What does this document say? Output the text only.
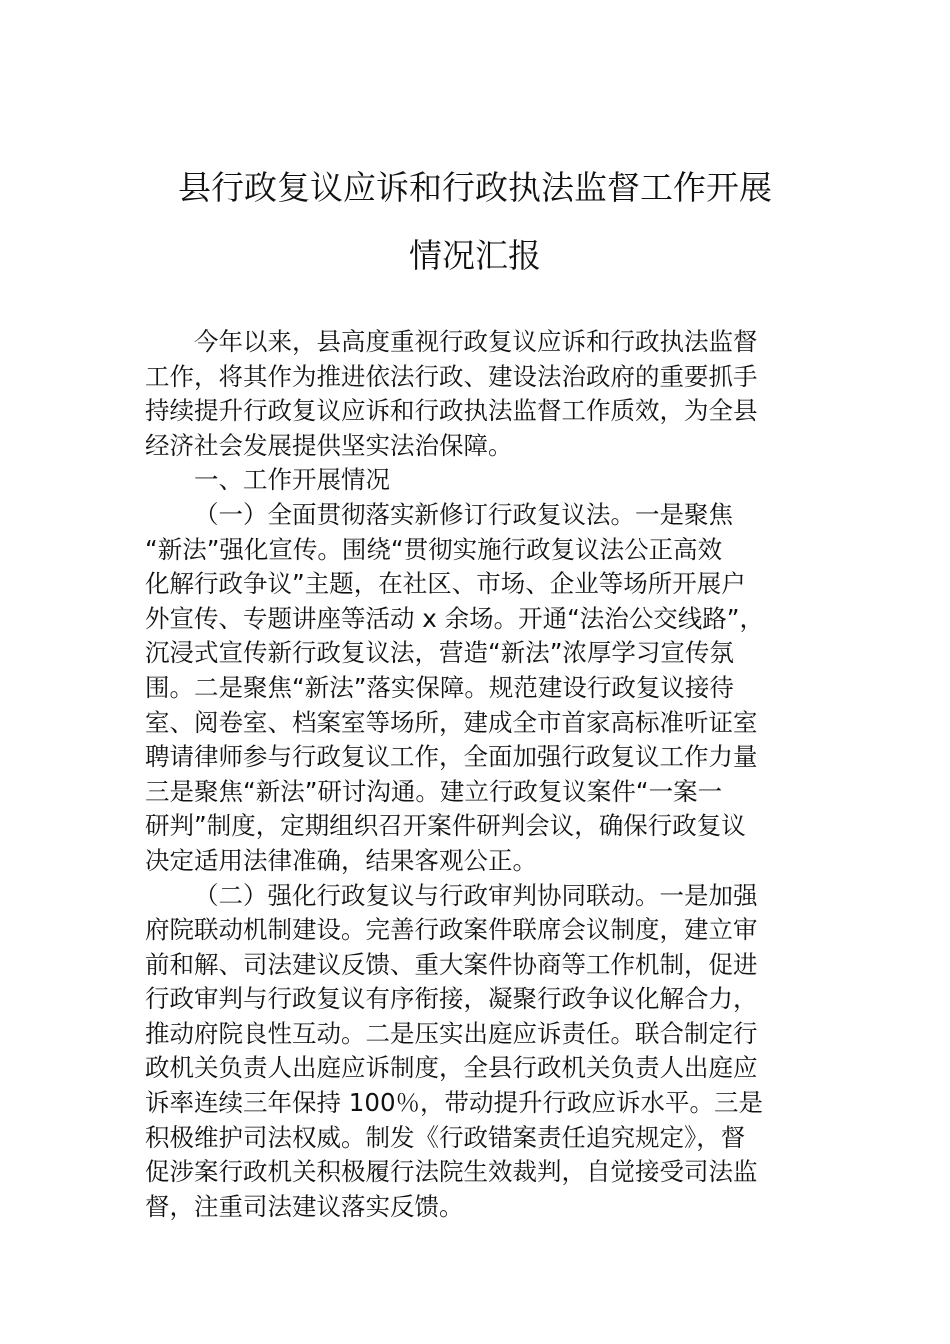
县行政复议应诉和行政执法监督工作开展
情况汇报
今年以来，县高度重视行政复议应诉和行政执法监督
工作，将其作为推进依法行政、建设法治政府的重要抓手
持续提升行政复议应诉和行政执法监督工作质效，为全县
经济社会发展提供坚实法治保障。
一、工作开展情况
（一）全面贯彻落实新修订行政复议法。一是聚焦
“新法”强化宣传。围绕“贯彻实施行政复议法公正高效
化解行政争议”主题，在社区、市场、企业等场所开展户
外宣传、专题讲座等活动 x 余场。开通“法治公交线路”，
沉浸式宣传新行政复议法，营造“新法”浓厚学习宣传氛
围。二是聚焦“新法”落实保障。规范建设行政复议接待
室、阅卷室、档案室等场所，建成全市首家高标准听证室
聘请律师参与行政复议工作，全面加强行政复议工作力量
三是聚焦“新法”研讨沟通。建立行政复议案件“一案一
研判”制度，定期组织召开案件研判会议，确保行政复议
决定适用法律准确，结果客观公正。
（二）强化行政复议与行政审判协同联动。一是加强
府院联动机制建设。完善行政案件联席会议制度，建立审
前和解、司法建议反馈、重大案件协商等工作机制，促进
行政审判与行政复议有序衔接，凝聚行政争议化解合力，
推动府院良性互动。二是压实出庭应诉责任。联合制定行
政机关负责人出庭应诉制度，全县行政机关负责人出庭应
诉率连续三年保持 100％，带动提升行政应诉水平。三是
积极维护司法权威。制发《行政错案责任追究规定》，督
促涉案行政机关积极履行法院生效裁判，自觉接受司法监
督，注重司法建议落实反馈。
